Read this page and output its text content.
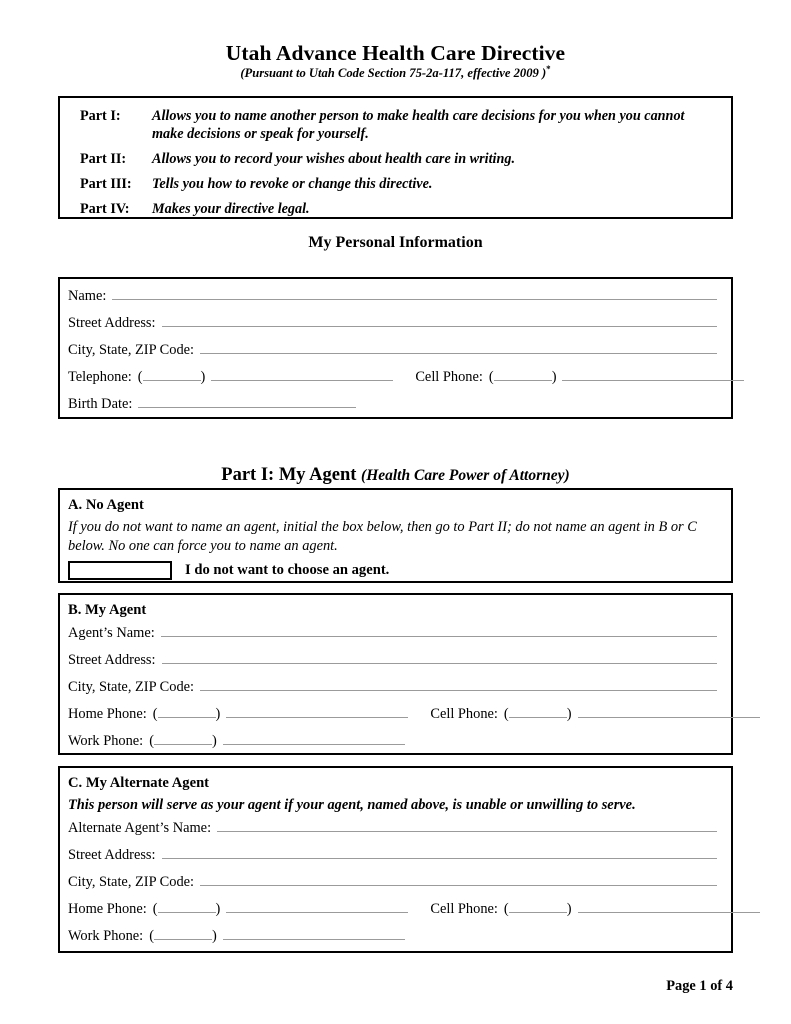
Utah Advance Health Care Directive
(Pursuant to Utah Code Section 75-2a-117, effective 2009 )*
Part I:	Allows you to name another person to make health care decisions for you when you cannot make decisions or speak for yourself.
Part II:	Allows you to record your wishes about health care in writing.
Part III:	Tells you how to revoke or change this directive.
Part IV:	Makes your directive legal.
My Personal Information
Name:
Street Address:
City, State, ZIP Code:
Telephone: (	)	Cell Phone: (	)
Birth Date:
Part I: My Agent (Health Care Power of Attorney)
A. No Agent
If you do not want to name an agent, initial the box below, then go to Part II; do not name an agent in B or C below. No one can force you to name an agent.
I do not want to choose an agent.
B. My Agent
Agent’s Name:
Street Address:
City, State, ZIP Code:
Home Phone: (	)	Cell Phone: (	)
Work Phone: (	)
C. My Alternate Agent
This person will serve as your agent if your agent, named above, is unable or unwilling to serve.
Alternate Agent’s Name:
Street Address:
City, State, ZIP Code:
Home Phone: (	)	Cell Phone: (	)
Work Phone: (	)
Page 1 of 4
